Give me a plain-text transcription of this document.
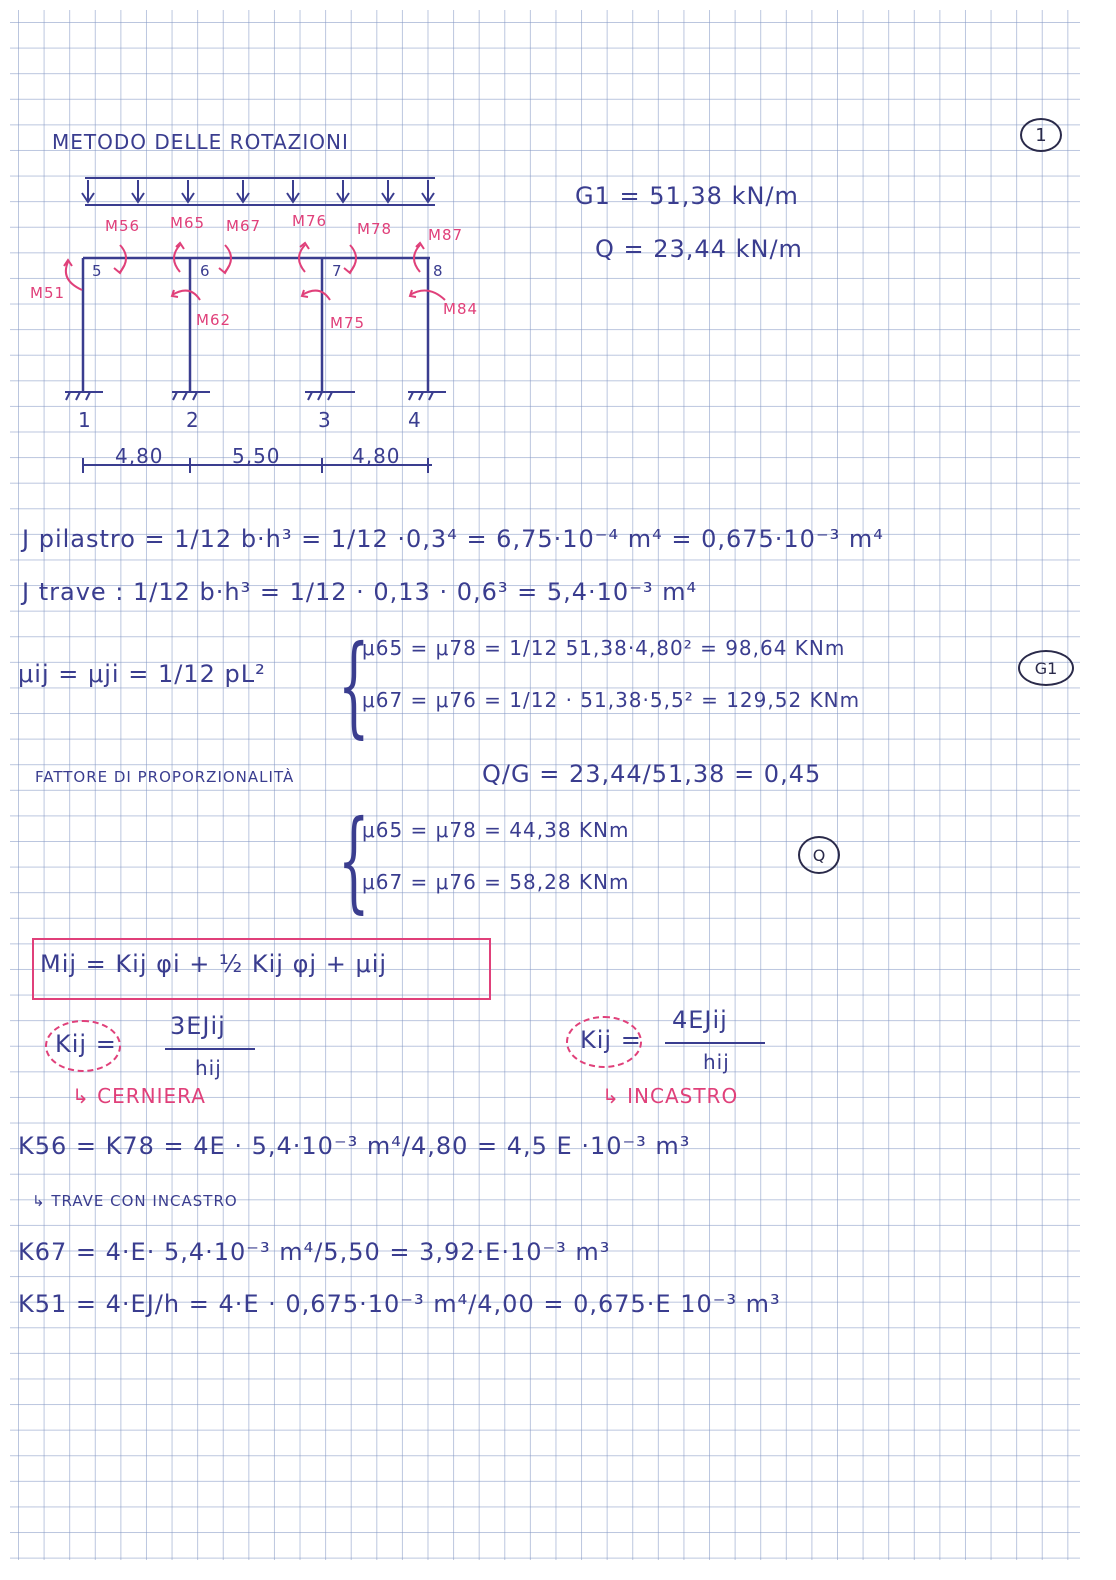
METODO DELLE ROTAZIONI	1
G1 = 51,38 kN/m
Q = 23,44 kN/m
M56 M65 M67 M76 M78 M87
M51
M62	M75
M84
5	6	7	8
1	2	3	4
4,80	5,50	4,80
J pilastro = 1/12 b·h³ = 1/12 ·0,3⁴ = 6,75·10⁻⁴ m⁴ = 0,675·10⁻³ m⁴
J trave : 1/12 b·h³ = 1/12 · 0,13 · 0,6³ = 5,4·10⁻³ m⁴
μij = μji = 1/12 pL² {
μ65 = μ78 = 1/12 51,38·4,80² = 98,64 KNm
μ67 = μ76 = 1/12 · 51,38·5,5² = 129,52 KNm
G1
FATTORE DI PROPORZIONALITÀ	Q/G = 23,44/51,38 = 0,45
{
μ65 = μ78 = 44,38 KNm
μ67 = μ76 = 58,28 KNm
Q
Mij = Kij φi + ½ Kij φj + μij
Kij =
3EJij
hij
↳ CERNIERA
Kij =
4EJij
hij
↳ INCASTRO
K56 = K78 = 4E · 5,4·10⁻³ m⁴/4,80 = 4,5 E ·10⁻³ m³
↳ TRAVE CON INCASTRO
K67 = 4·E· 5,4·10⁻³ m⁴/5,50 = 3,92·E·10⁻³ m³
K51 = 4·EJ/h = 4·E · 0,675·10⁻³ m⁴/4,00 = 0,675·E 10⁻³ m³
